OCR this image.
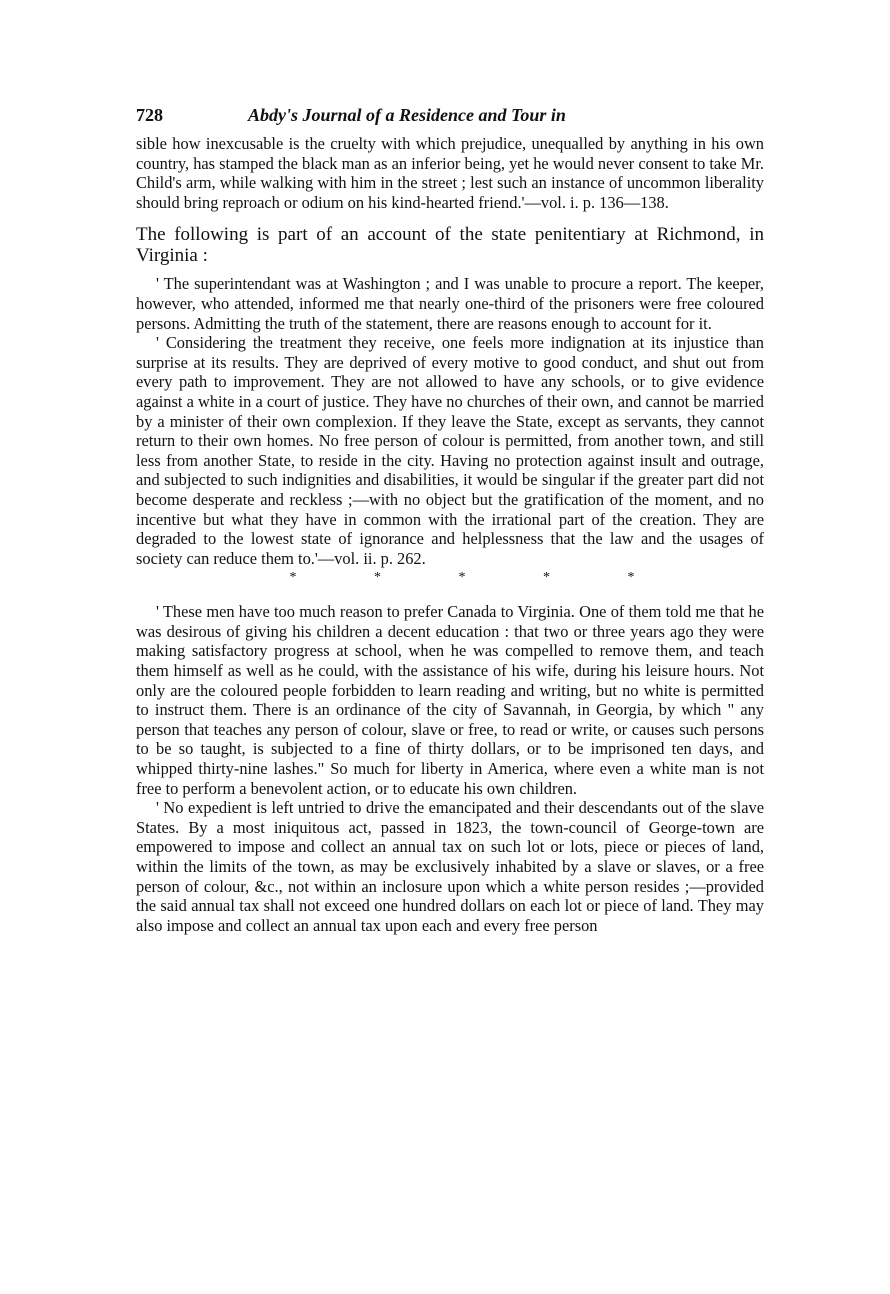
728	Abdy's Journal of a Residence and Tour in

sible how inexcusable is the cruelty with which prejudice, unequalled by anything in his own country, has stamped the black man as an inferior being, yet he would never consent to take Mr. Child's arm, while walking with him in the street ; lest such an instance of uncommon liberality should bring reproach or odium on his kind-hearted friend.'—vol. i. p. 136—138.

The following is part of an account of the state penitentiary at Richmond, in Virginia :

' The superintendant was at Washington ; and I was unable to procure a report. The keeper, however, who attended, informed me that nearly one-third of the prisoners were free coloured persons. Admitting the truth of the statement, there are reasons enough to account for it.

' Considering the treatment they receive, one feels more indignation at its injustice than surprise at its results. They are deprived of every motive to good conduct, and shut out from every path to improvement. They are not allowed to have any schools, or to give evidence against a white in a court of justice. They have no churches of their own, and cannot be married by a minister of their own complexion. If they leave the State, except as servants, they cannot return to their own homes. No free person of colour is permitted, from another town, and still less from another State, to reside in the city. Having no protection against insult and outrage, and subjected to such indignities and disabilities, it would be singular if the greater part did not become desperate and reckless ;—with no object but the gratification of the moment, and no incentive but what they have in common with the irrational part of the creation. They are degraded to the lowest state of ignorance and helplessness that the law and the usages of society can reduce them to.'—vol. ii. p. 262.

* * * * *

' These men have too much reason to prefer Canada to Virginia. One of them told me that he was desirous of giving his children a decent education : that two or three years ago they were making satisfactory progress at school, when he was compelled to remove them, and teach them himself as well as he could, with the assistance of his wife, during his leisure hours. Not only are the coloured people forbidden to learn reading and writing, but no white is permitted to instruct them. There is an ordinance of the city of Savannah, in Georgia, by which " any person that teaches any person of colour, slave or free, to read or write, or causes such persons to be so taught, is subjected to a fine of thirty dollars, or to be imprisoned ten days, and whipped thirty-nine lashes." So much for liberty in America, where even a white man is not free to perform a benevolent action, or to educate his own children.

' No expedient is left untried to drive the emancipated and their descendants out of the slave States. By a most iniquitous act, passed in 1823, the town-council of George-town are empowered to impose and collect an annual tax on such lot or lots, piece or pieces of land, within the limits of the town, as may be exclusively inhabited by a slave or slaves, or a free person of colour, &c., not within an inclosure upon which a white person resides ;—provided the said annual tax shall not exceed one hundred dollars on each lot or piece of land. They may also impose and collect an annual tax upon each and every free person
